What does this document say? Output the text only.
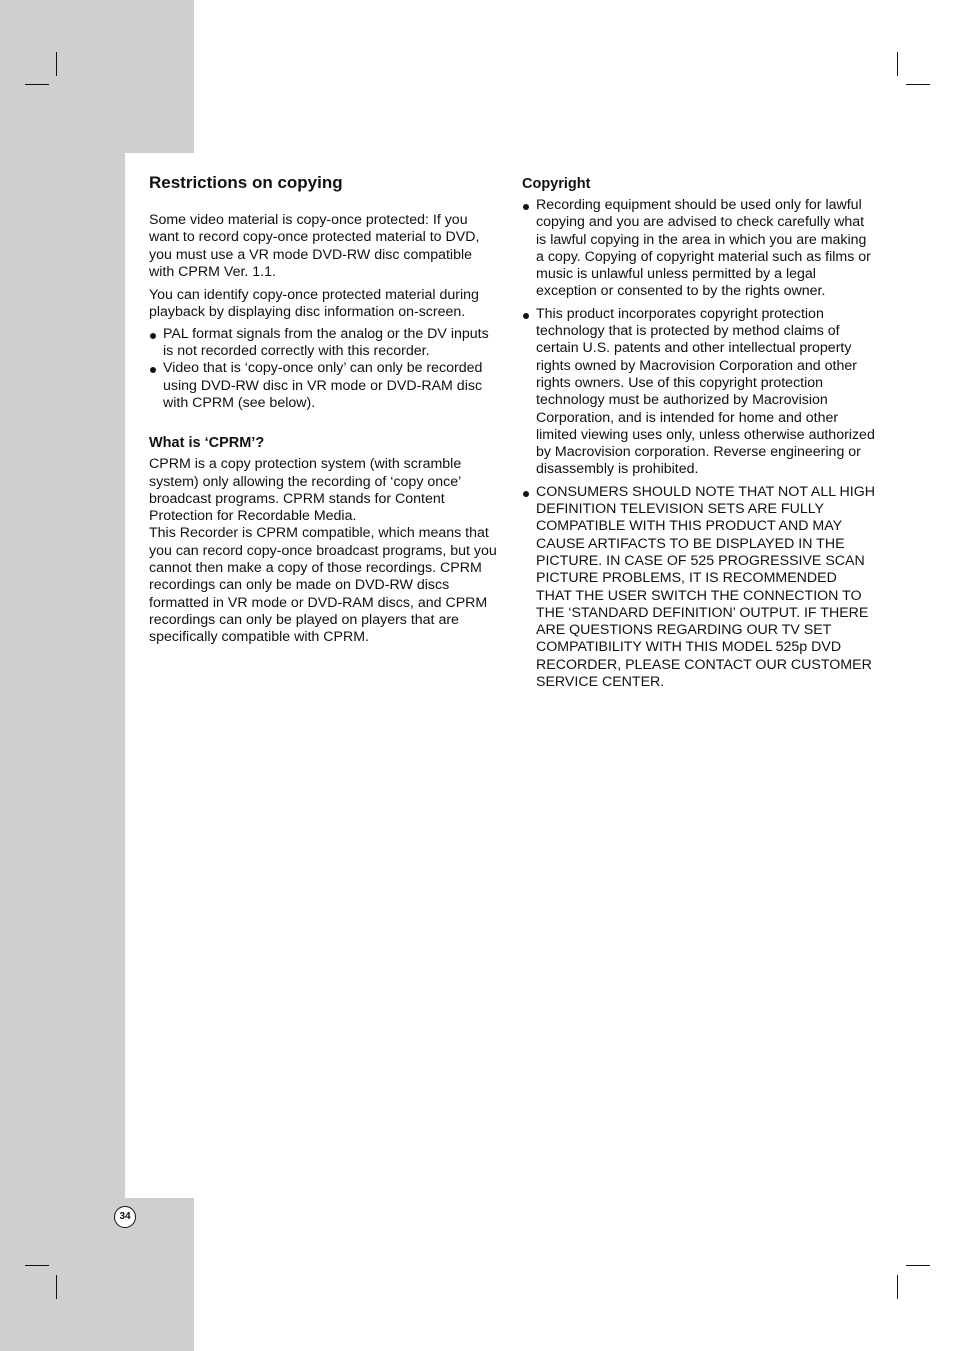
Restrictions on copying

Some video material is copy-once protected: If you want to record copy-once protected material to DVD, you must use a VR mode DVD-RW disc compatible with CPRM Ver. 1.1.

You can identify copy-once protected material during playback by displaying disc information on-screen.

PAL format signals from the analog or the DV inputs is not recorded correctly with this recorder.
Video that is ‘copy-once only’ can only be recorded using DVD-RW disc in VR mode or DVD-RAM disc with CPRM (see below).
What is ‘CPRM’?

CPRM is a copy protection system (with scramble system) only allowing the recording of ‘copy once’ broadcast programs. CPRM stands for Content Protection for Recordable Media.

This Recorder is CPRM compatible, which means that you can record copy-once broadcast programs, but you cannot then make a copy of those recordings. CPRM recordings can only be made on DVD-RW discs formatted in VR mode or DVD-RAM discs, and CPRM recordings can only be played on players that are specifically compatible with CPRM.

Copyright
Recording equipment should be used only for lawful copying and you are advised to check carefully what is lawful copying in the area in which you are making a copy. Copying of copyright material such as films or music is unlawful unless permitted by a legal exception or consented to by the rights owner.
This product incorporates copyright protection technology that is protected by method claims of certain U.S. patents and other intellectual property rights owned by Macrovision Corporation and other rights owners. Use of this copyright protection technology must be authorized by Macrovision Corporation, and is intended for home and other limited viewing uses only, unless otherwise authorized by Macrovision corporation. Reverse engineering or disassembly is prohibited.
CONSUMERS SHOULD NOTE THAT NOT ALL HIGH DEFINITION TELEVISION SETS ARE FULLY COMPATIBLE WITH THIS PRODUCT AND MAY CAUSE ARTIFACTS TO BE DISPLAYED IN THE PICTURE. IN CASE OF 525 PROGRESSIVE SCAN PICTURE PROBLEMS, IT IS RECOMMENDED THAT THE USER SWITCH THE CONNECTION TO THE ‘STANDARD DEFINITION’ OUTPUT. IF THERE ARE QUESTIONS REGARDING OUR TV SET COMPATIBILITY WITH THIS MODEL 525p DVD RECORDER, PLEASE CONTACT OUR CUSTOMER SERVICE CENTER.
34
